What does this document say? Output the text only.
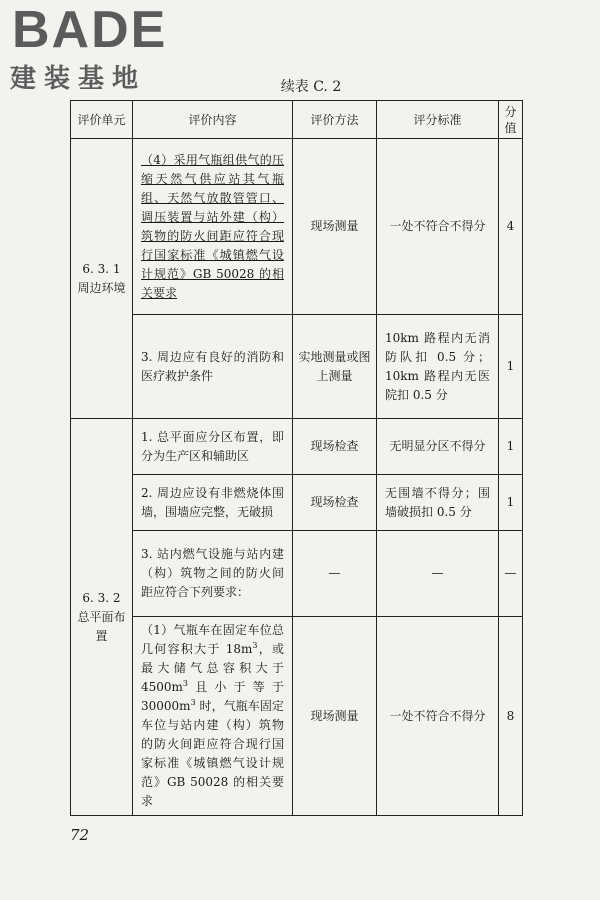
BADE
建装基地	续表 C. 2
评价单元	评价内容	评价方法	评分标准	分值

6. 3. 1
周边环境	（4）采用气瓶组供气的压缩天然气供应站其气瓶组、天然气放散管管口、调压装置与站外建（构）筑物的防火间距应符合现行国家标准《城镇燃气设计规范》GB 50028 的相关要求	现场测量	一处不符合不得分	4
	3. 周边应有良好的消防和医疗救护条件	实地测量或图上测量	10km 路程内无消防队扣 0.5 分；10km 路程内无医院扣 0.5 分	1

6. 3. 2
总平面布置	1. 总平面应分区布置，即分为生产区和辅助区	现场检查	无明显分区不得分	1
	2. 周边应设有非燃烧体围墙，围墙应完整，无破损	现场检查	无围墙不得分；围墙破损扣 0.5 分	1
	3. 站内燃气设施与站内建（构）筑物之间的防火间距应符合下列要求：	—	—	—
	（1）气瓶车在固定车位总几何容积大于 $18m^3$，或最大储气总容积大于 $4500m^3$且小于等于 $30000m^3$ 时，气瓶车固定车位与站内建（构）筑物的防火间距应符合现行国家标准《城镇燃气设计规范》GB 50028 的相关要求	现场测量	一处不符合不得分	8
72
